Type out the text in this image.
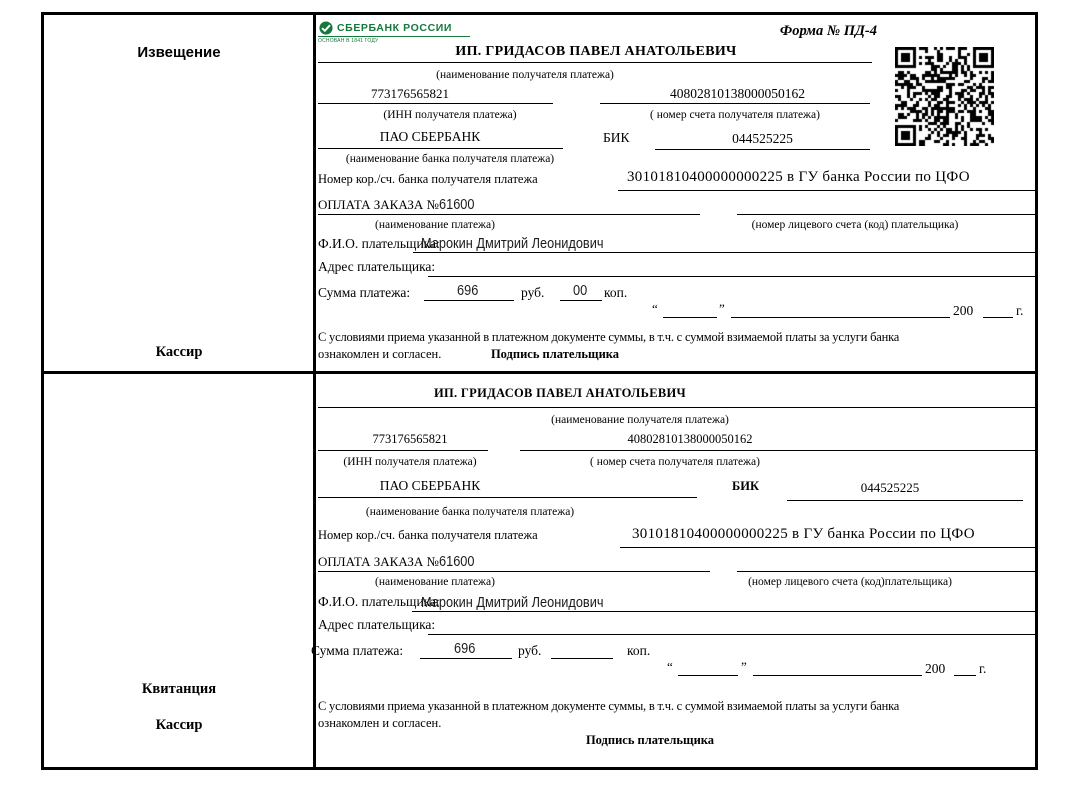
Извещение
Кассир
СБЕРБАНК РОССИИ
ОСНОВАН В 1841 ГОДУ
Форма № ПД-4
ИП. ГРИДАСОВ ПАВЕЛ АНАТОЛЬЕВИЧ
(наименование получателя платежа)
773176565821	40802810138000050162
(ИНН получателя платежа)	( номер счета получателя платежа)
ПАО СБЕРБАНК	БИК	044525225
(наименование банка получателя платежа)
Номер кор./сч. банка получателя платежа	30101810400000000225 в ГУ банка России по ЦФО
ОПЛАТА ЗАКАЗА №61600
(наименование платежа)	(номер лицевого счета (код) плательщика)
Ф.И.О. плательщика:
Марокин Дмитрий Леонидович
Адрес плательщика:
Сумма платежа:	696	руб.	00	коп.
“	”	200	г.
С условиями приема указанной в платежном документе суммы, в т.ч. с суммой взимаемой платы за услуги банка
ознакомлен и согласен.	Подпись плательщика
Квитанция
Кассир
ИП. ГРИДАСОВ ПАВЕЛ АНАТОЛЬЕВИЧ
(наименование получателя платежа)
773176565821	40802810138000050162
(ИНН получателя платежа)	( номер счета получателя платежа)
ПАО СБЕРБАНК	БИК	044525225
(наименование банка получателя платежа)
Номер кор./сч. банка получателя платежа	30101810400000000225 в ГУ банка России по ЦФО
ОПЛАТА ЗАКАЗА №61600
(наименование платежа)	(номер лицевого счета (код)плательщика)
Ф.И.О. плательщика:
Марокин Дмитрий Леонидович
Адрес плательщика:
Сумма платежа:	696	руб.	коп.
“	”	200	г.
С условиями приема указанной в платежном документе суммы, в т.ч. с суммой взимаемой платы за услуги банка
ознакомлен и согласен.
Подпись плательщика
